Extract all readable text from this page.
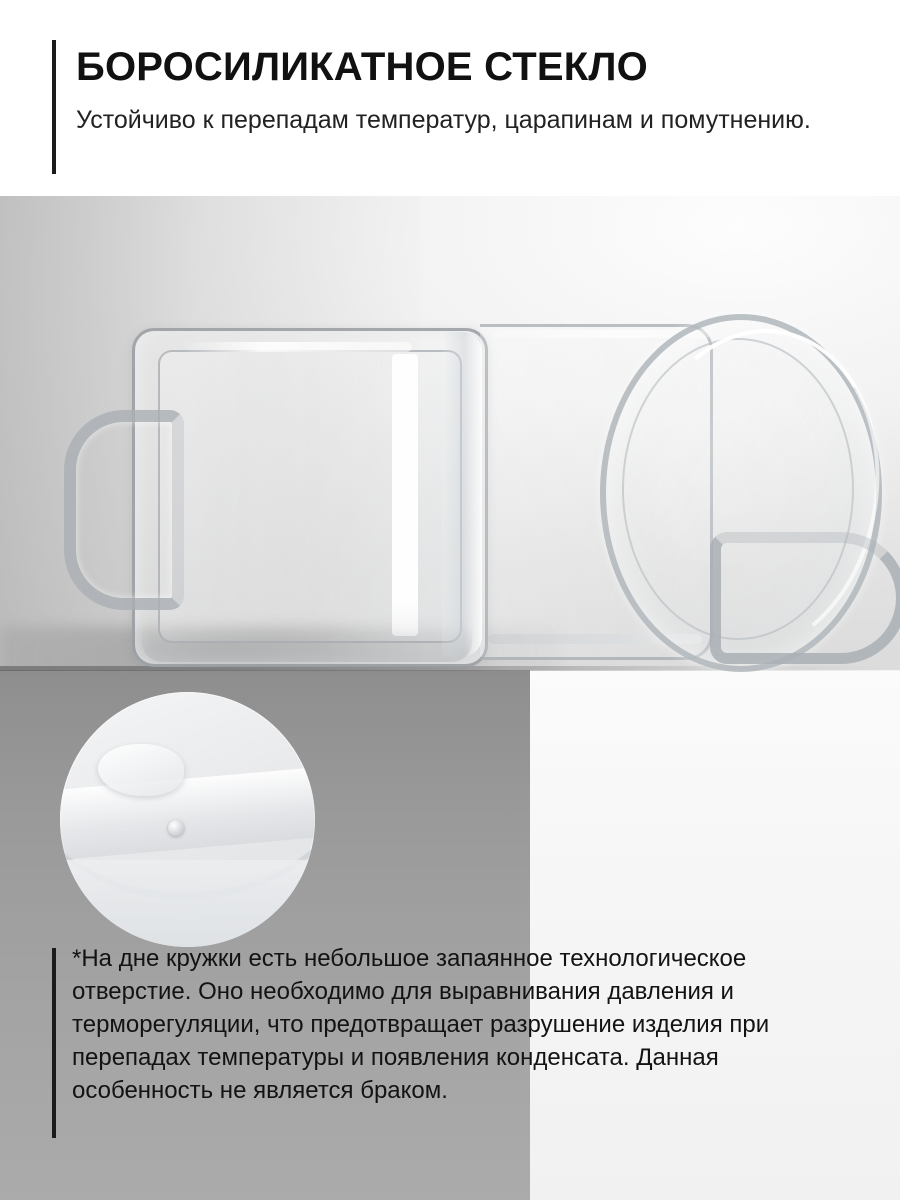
БОРОСИЛИКАТНОЕ СТЕКЛО
Устойчиво к перепадам температур, царапинам и помутнению.
*На дне кружки есть небольшое запаянное технологическое отверстие. Оно необходимо для выравнивания давления и терморегуляции, что предотвращает разрушение изделия при перепадах температуры и появления конденсата. Данная особенность не является браком.
